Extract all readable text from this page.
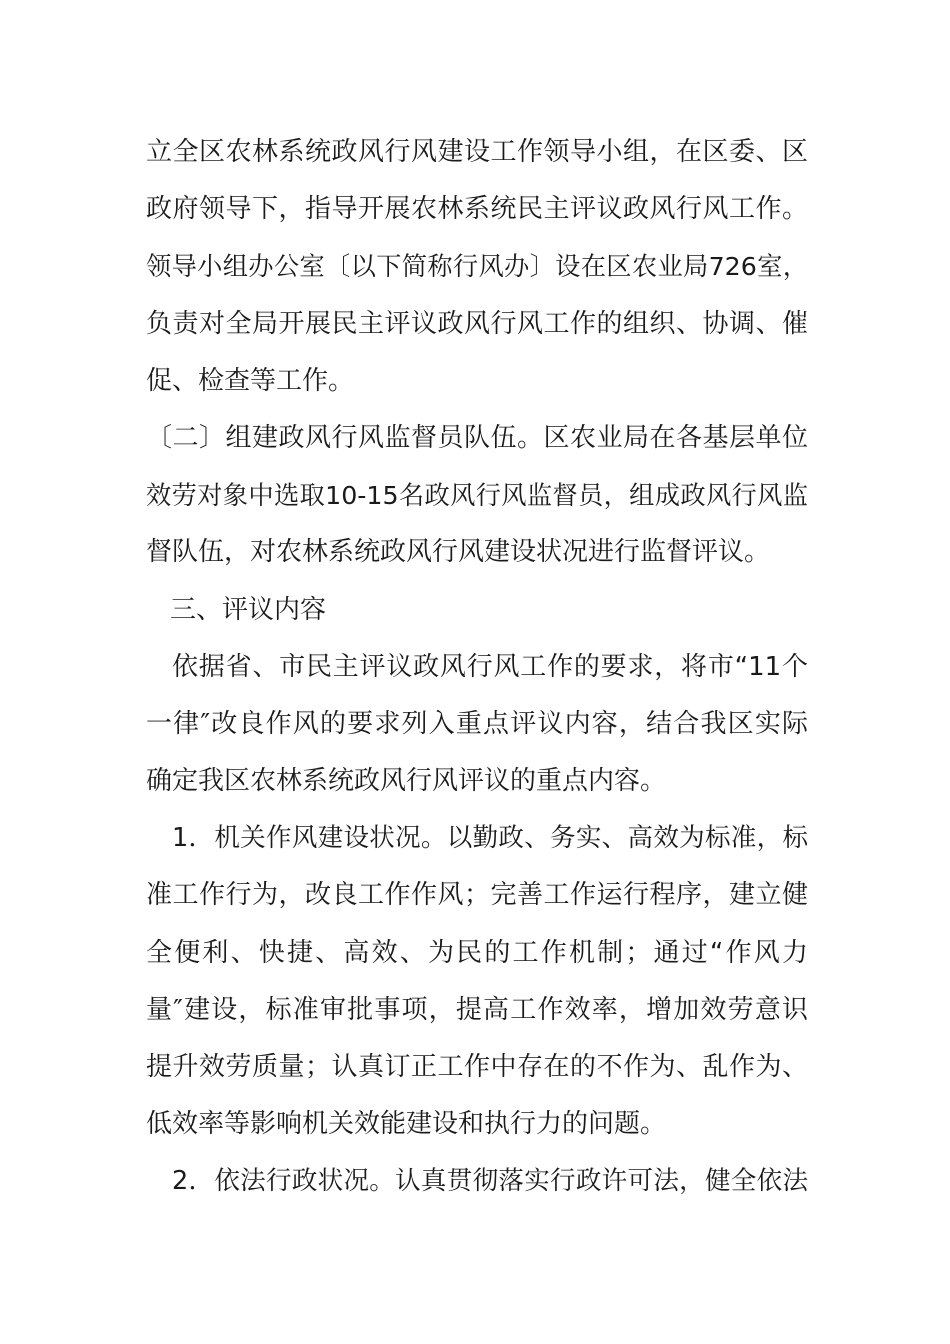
立全区农林系统政风行风建设工作领导小组，在区委、区
政府领导下，指导开展农林系统民主评议政风行风工作。
领导小组办公室〔以下简称行风办〕设在区农业局726室，
负责对全局开展民主评议政风行风工作的组织、协调、催
促、检查等工作。
〔二〕组建政风行风监督员队伍。区农业局在各基层单位
效劳对象中选取10-15名政风行风监督员，组成政风行风监
督队伍，对农林系统政风行风建设状况进行监督评议。
三、评议内容
依据省、市民主评议政风行风工作的要求，将市“11个
一律″改良作风的要求列入重点评议内容，结合我区实际
确定我区农林系统政风行风评议的重点内容。
1．机关作风建设状况。以勤政、务实、高效为标准，标
准工作行为，改良工作作风；完善工作运行程序，建立健
全便利、快捷、高效、为民的工作机制；通过“作风力
量″建设，标准审批事项，提高工作效率，增加效劳意识
提升效劳质量；认真订正工作中存在的不作为、乱作为、
低效率等影响机关效能建设和执行力的问题。
2．依法行政状况。认真贯彻落实行政许可法，健全依法
